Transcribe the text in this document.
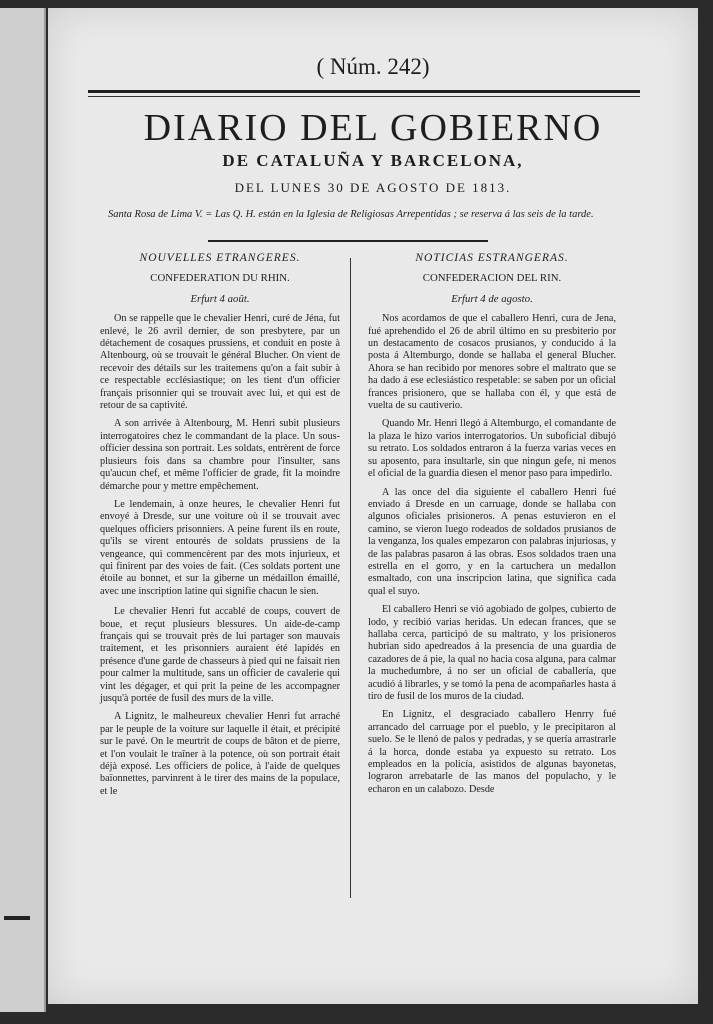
( Núm. 242)
DIARIO DEL GOBIERNO
DE CATALUÑA Y BARCELONA,
DEL LUNES 30 DE AGOSTO DE 1813.
Santa Rosa de Lima V. = Las Q. H. están en la Iglesia de Religiosas Arrepentidas ; se reserva á las seis de la tarde.
NOUVELLES ETRANGERES.
CONFEDERATION DU RHIN.
Erfurt 4 août.

On se rappelle que le chevalier Henri, curé de Jéna, fut enlevé, le 26 avril dernier, de son presbytere, par un détachement de cosaques prussiens, et conduit en poste à Altenbourg, où se trouvait le général Blucher. On vient de recevoir des détails sur les traitemens qu'on a fait subir à ce respectable ecclésiastique; on les tient d'un officier français prisonnier qui se trouvait avec lui, et qui est de retour de sa captivité.

A son arrivée à Altenbourg, M. Henri subit plusieurs interrogatoires chez le commandant de la place. Un sous-officier dessina son portrait. Les soldats, entrèrent de force plusieurs fois dans sa chambre pour l'insulter, sans qu'aucun chef, et même l'officier de grade, fit la moindre démarche pour y mettre empêchement.

Le lendemain, à onze heures, le chevalier Henri fut envoyé à Dresde, sur une voiture où il se trouvait avec quelques officiers prisonniers. A peine furent ils en route, qu'ils se virent entourés de soldats prussiens de la vengeance, qui commencèrent par des mots injurieux, et qui finirent par des voies de fait. (Ces soldats portent une étoile au bonnet, et sur la giberne un médaillon émaillé, avec une inscription latine qui signifie chacun le sien.

Le chevalier Henri fut accablé de coups, couvert de boue, et reçut plusieurs blessures. Un aide-de-camp français qui se trouvait près de lui partager son mauvais traitement, et les prisonniers auraient été lapidés en présence d'une garde de chasseurs à pied qui ne faisait rien pour calmer la multitude, sans un officier de cavalerie qui vint les dégager, et qui prit la peine de les accompagner jusqu'à portée de fusil des murs de la ville.

A Lignitz, le malheureux chevalier Henri fut arraché par le peuple de la voiture sur laquelle il était, et précipité sur le pavé. On le meurtrit de coups de bâton et de pierre, et l'on voulait le traîner à la potence, où son portrait était déjà exposé. Les officiers de police, à l'aide de quelques baïonnettes, parvinrent à le tirer des mains de la populace, et le

NOTICIAS ESTRANGERAS.
CONFEDERACION DEL RIN.
Erfurt 4 de agosto.

Nos acordamos de que el caballero Henri, cura de Jena, fué aprehendido el 26 de abril último en su presbiterio por un destacamento de cosacos prusianos, y conducido á la posta á Altemburgo, donde se hallaba el general Blucher. Ahora se han recibido por menores sobre el maltrato que se ha dado á ese eclesiástico respetable: se saben por un oficial frances prisionero, que se hallaba con él, y que está de vuelta de su cautiverio.

Quando Mr. Henri llegó á Altemburgo, el comandante de la plaza le hizo varios interrogatorios. Un suboficial dibujó su retrato. Los soldados entraron á la fuerza varias veces en su aposento, para insultarle, sin que ningun gefe, ni menos el oficial de la guardia diesen el menor paso para impedirlo.

A las once del dia siguiente el caballero Henri fué enviado á Dresde en un carruage, donde se hallaba con algunos oficiales prisioneros. A penas estuvieron en el camino, se vieron luego rodeados de soldados prusianos de la venganza, los quales empezaron con palabras injuriosas, y de las palabras pasaron á las obras. Esos soldados traen una estrella en el gorro, y en la cartuchera un medallon esmaltado, con una inscripcion latina, que significa cada qual el suyo.

El caballero Henri se vió agobiado de golpes, cubierto de lodo, y recibió varias heridas. Un edecan frances, que se hallaba cerca, participó de su maltrato, y los prisioneros hubrian sido apedreados á la presencia de una guardia de cazadores de á pie, la qual no hacia cosa alguna, para calmar la muchedumbre, á no ser un oficial de caballería, que acudió á librarles, y se tomó la pena de acompañarles hasta á tiro de fusil de los muros de la ciudad.

En Lignitz, el desgraciado caballero Henrry fué arrancado del carruage por el pueblo, y le precipitaron al suelo. Se le llenó de palos y pedradas, y se quería arrastrarle á la horca, donde estaba ya expuesto su retrato. Los empleados en la policía, asistidos de algunas bayonetas, lograron arrebatarle de las manos del populacho, y le echaron en un calabozo. Desde
